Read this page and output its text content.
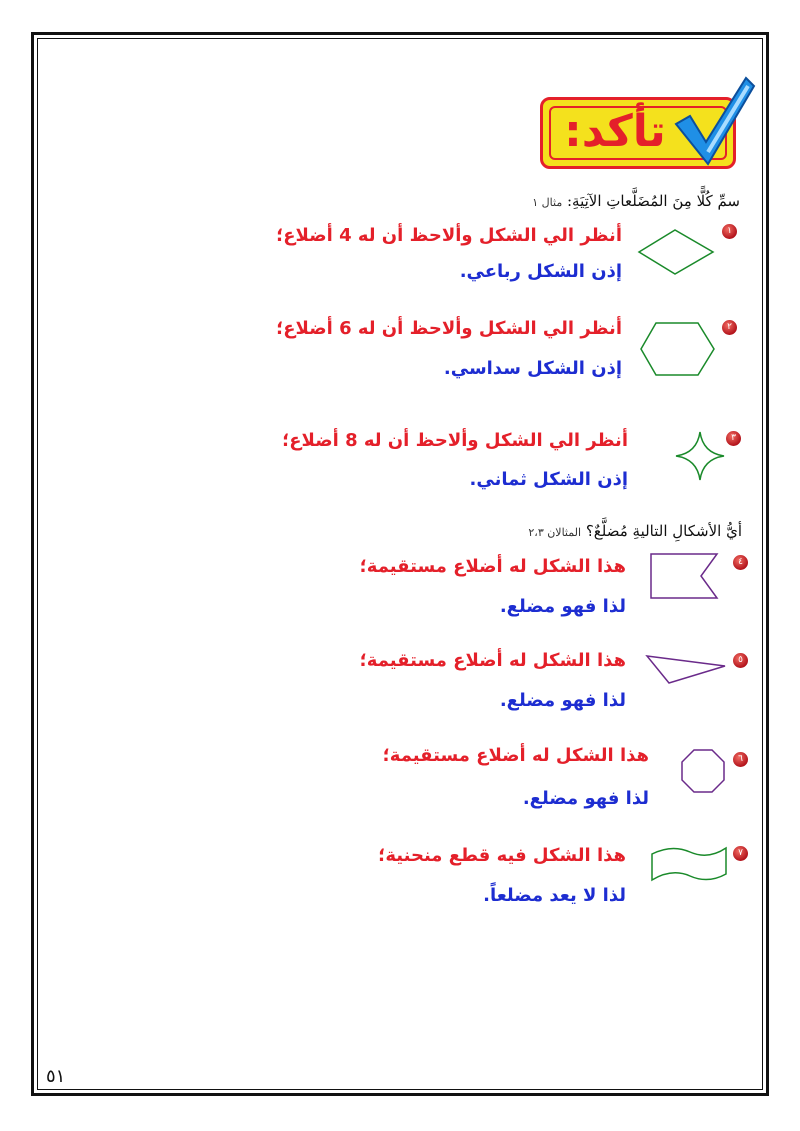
تأكد:
سمِّ كُلًّا مِنَ المُضَلَّعاتِ الآتِيَةِ: مثال ١
١
أنظر الي الشكل وألاحظ أن له 4 أضلاع؛
إذن الشكل رباعي.
٢
أنظر الي الشكل وألاحظ أن له 6 أضلاع؛
إذن الشكل سداسي.
٣
أنظر الي الشكل وألاحظ أن له 8 أضلاع؛
إذن الشكل ثماني.
أيُّ الأشكالِ التاليةِ مُضلَّعٌ؟ المثالان ٢،٣
٤
هذا الشكل له أضلاع مستقيمة؛
لذا فهو مضلع.
٥
هذا الشكل له أضلاع مستقيمة؛
لذا فهو مضلع.
٦
هذا الشكل له أضلاع مستقيمة؛
لذا فهو مضلع.
٧
هذا الشكل فيه قطع منحنية؛
لذا لا يعد مضلعاً.
٥١
